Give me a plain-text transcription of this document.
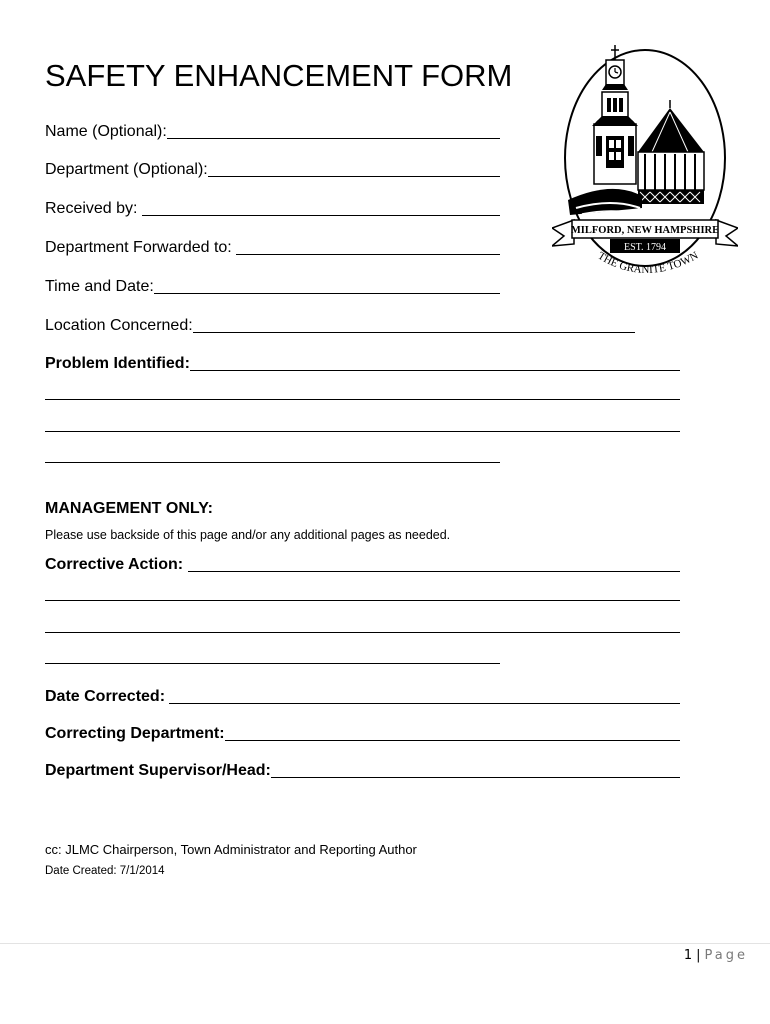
SAFETY ENHANCEMENT FORM
Name (Optional):
Department (Optional):
Received by:
Department Forwarded to:
Time and Date:
Location Concerned:
Problem Identified:
MANAGEMENT ONLY:
Please use backside of this page and/or any additional pages as needed.
Corrective Action:
Date Corrected:
Correcting Department:
Department Supervisor/Head:
cc: JLMC Chairperson, Town Administrator and Reporting Author
Date Created: 7/1/2014
MILFORD, NEW HAMPSHIRE
EST. 1794
THE GRANITE TOWN
1 | Page
